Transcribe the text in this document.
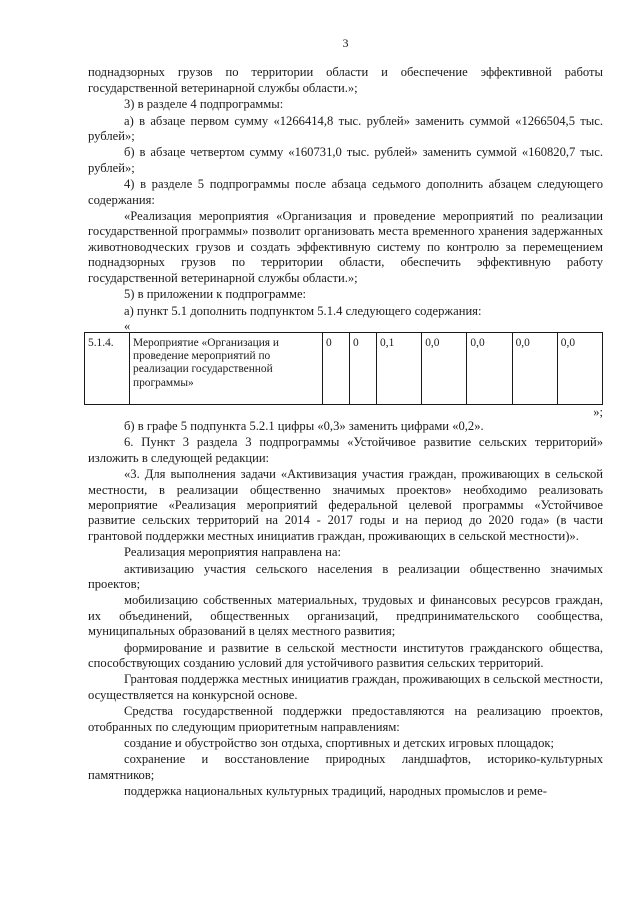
3

поднадзорных грузов по территории области и обеспечение эффективной работы государственной ветеринарной службы области.»;

3) в разделе 4 подпрограммы:

а) в абзаце первом сумму «1266414,8 тыс. рублей» заменить суммой «1266504,5 тыс. рублей»;

б) в абзаце четвертом сумму «160731,0 тыс. рублей» заменить суммой «160820,7 тыс. рублей»;

4) в разделе 5 подпрограммы после абзаца седьмого дополнить абзацем следующего содержания:

«Реализация мероприятия «Организация и проведение мероприятий по реализации государственной программы» позволит организовать места временного хранения задержанных животноводческих грузов и создать эффективную систему по контролю за перемещением поднадзорных грузов по территории области, обеспечить эффективную работу государственной ветеринарной службы области.»;

5) в приложении к подпрограмме:

а) пункт 5.1 дополнить подпунктом 5.1.4 следующего содержания:

«
5.1.4.	Мероприятие «Организация и проведение мероприятий по реализации государственной программы»	0	0	0,1	0,0	0,0	0,0	0,0
»;

б) в графе 5 подпункта 5.2.1 цифры «0,3» заменить цифрами «0,2».

6. Пункт 3 раздела 3 подпрограммы «Устойчивое развитие сельских территорий» изложить в следующей редакции:

«3. Для выполнения задачи «Активизация участия граждан, проживающих в сельской местности, в реализации общественно значимых проектов» необходимо реализовать мероприятие «Реализация мероприятий федеральной целевой программы «Устойчивое развитие сельских территорий на 2014 - 2017 годы и на период до 2020 года» (в части грантовой поддержки местных инициатив граждан, проживающих в сельской местности)».

Реализация мероприятия направлена на:

активизацию участия сельского населения в реализации общественно значимых проектов;

мобилизацию собственных материальных, трудовых и финансовых ресурсов граждан, их объединений, общественных организаций, предпринимательского сообщества, муниципальных образований в целях местного развития;

формирование и развитие в сельской местности институтов гражданского общества, способствующих созданию условий для устойчивого развития сельских территорий.

Грантовая поддержка местных инициатив граждан, проживающих в сельской местности, осуществляется на конкурсной основе.

Средства государственной поддержки предоставляются на реализацию проектов, отобранных по следующим приоритетным направлениям:

создание и обустройство зон отдыха, спортивных и детских игровых площадок;

сохранение и восстановление природных ландшафтов, историко-культурных памятников;

поддержка национальных культурных традиций, народных промыслов и реме-
